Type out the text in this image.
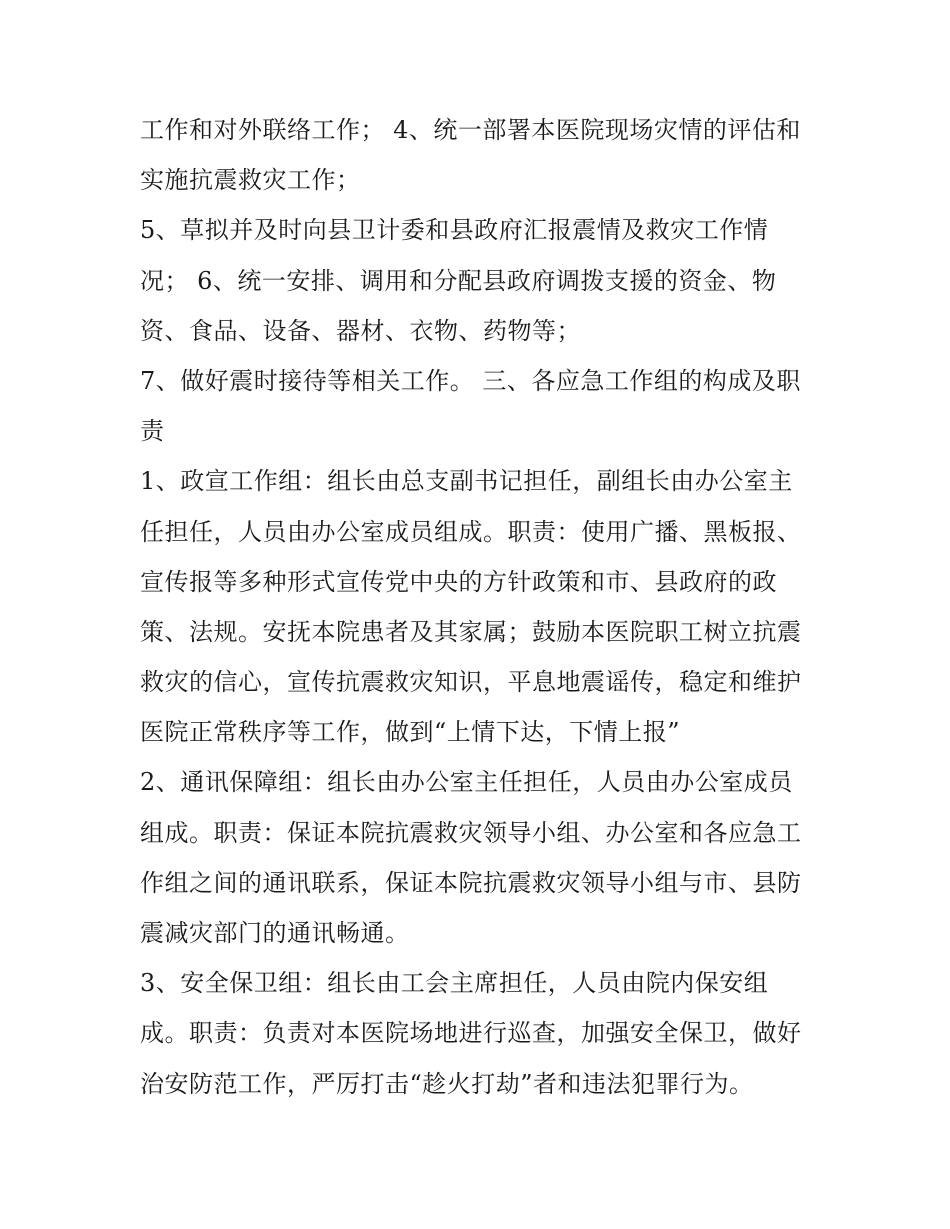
工作和对外联络工作； 4、统一部署本医院现场灾情的评估和
实施抗震救灾工作；
5、草拟并及时向县卫计委和县政府汇报震情及救灾工作情
况； 6、统一安排、调用和分配县政府调拨支援的资金、物
资、食品、设备、器材、衣物、药物等；
7、做好震时接待等相关工作。 三、各应急工作组的构成及职
责
1、政宣工作组：组长由总支副书记担任，副组长由办公室主
任担任，人员由办公室成员组成。职责：使用广播、黑板报、
宣传报等多种形式宣传党中央的方针政策和市、县政府的政
策、法规。安抚本院患者及其家属；鼓励本医院职工树立抗震
救灾的信心，宣传抗震救灾知识，平息地震谣传，稳定和维护
医院正常秩序等工作，做到“上情下达，下情上报”
2、通讯保障组：组长由办公室主任担任，人员由办公室成员
组成。职责：保证本院抗震救灾领导小组、办公室和各应急工
作组之间的通讯联系，保证本院抗震救灾领导小组与市、县防
震减灾部门的通讯畅通。
3、安全保卫组：组长由工会主席担任，人员由院内保安组
成。职责：负责对本医院场地进行巡查，加强安全保卫，做好
治安防范工作，严厉打击“趁火打劫”者和违法犯罪行为。
